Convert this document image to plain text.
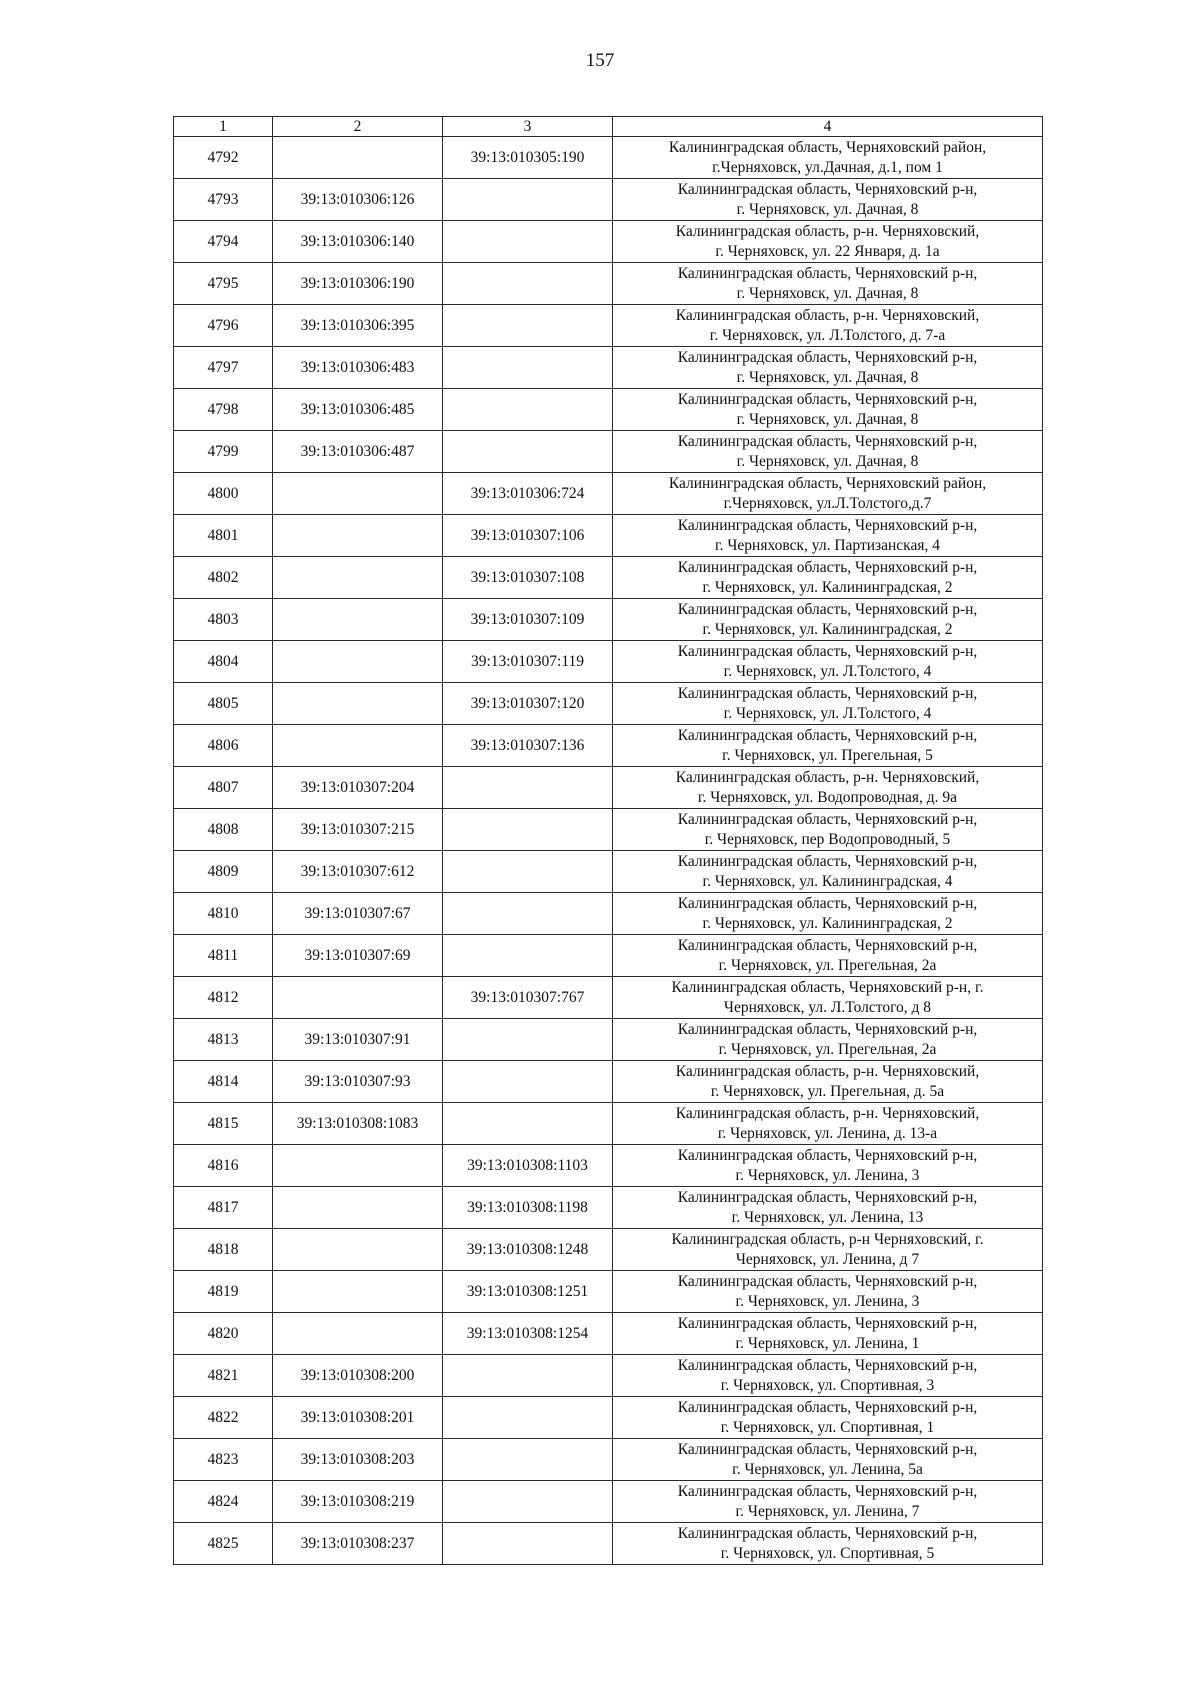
157
1	2	3	4
4792		39:13:010305:190	Калининградская область, Черняховский район,
г.Черняховск, ул.Дачная, д.1, пом 1

4793	39:13:010306:126		Калининградская область, Черняховский р-н,
г. Черняховск, ул. Дачная, 8

4794	39:13:010306:140		Калининградская область, р-н. Черняховский,
г. Черняховск, ул. 22 Января, д. 1а

4795	39:13:010306:190		Калининградская область, Черняховский р-н,
г. Черняховск, ул. Дачная, 8

4796	39:13:010306:395		Калининградская область, р-н. Черняховский,
г. Черняховск, ул. Л.Толстого, д. 7-а

4797	39:13:010306:483		Калининградская область, Черняховский р-н,
г. Черняховск, ул. Дачная, 8

4798	39:13:010306:485		Калининградская область, Черняховский р-н,
г. Черняховск, ул. Дачная, 8

4799	39:13:010306:487		Калининградская область, Черняховский р-н,
г. Черняховск, ул. Дачная, 8

4800		39:13:010306:724	Калининградская область, Черняховский район,
г.Черняховск, ул.Л.Толстого,д.7

4801		39:13:010307:106	Калининградская область, Черняховский р-н,
г. Черняховск, ул. Партизанская, 4

4802		39:13:010307:108	Калининградская область, Черняховский р-н,
г. Черняховск, ул. Калининградская, 2

4803		39:13:010307:109	Калининградская область, Черняховский р-н,
г. Черняховск, ул. Калининградская, 2

4804		39:13:010307:119	Калининградская область, Черняховский р-н,
г. Черняховск, ул. Л.Толстого, 4

4805		39:13:010307:120	Калининградская область, Черняховский р-н,
г. Черняховск, ул. Л.Толстого, 4

4806		39:13:010307:136	Калининградская область, Черняховский р-н,
г. Черняховск, ул. Прегельная, 5

4807	39:13:010307:204		Калининградская область, р-н. Черняховский,
г. Черняховск, ул. Водопроводная, д. 9а

4808	39:13:010307:215		Калининградская область, Черняховский р-н,
г. Черняховск, пер Водопроводный, 5

4809	39:13:010307:612		Калининградская область, Черняховский р-н,
г. Черняховск, ул. Калининградская, 4

4810	39:13:010307:67		Калининградская область, Черняховский р-н,
г. Черняховск, ул. Калининградская, 2

4811	39:13:010307:69		Калининградская область, Черняховский р-н,
г. Черняховск, ул. Прегельная, 2а

4812		39:13:010307:767	Калининградская область, Черняховский р-н, г.
Черняховск, ул. Л.Толстого, д 8

4813	39:13:010307:91		Калининградская область, Черняховский р-н,
г. Черняховск, ул. Прегельная, 2а

4814	39:13:010307:93		Калининградская область, р-н. Черняховский,
г. Черняховск, ул. Прегельная, д. 5а

4815	39:13:010308:1083		Калининградская область, р-н. Черняховский,
г. Черняховск, ул. Ленина, д. 13-а

4816		39:13:010308:1103	Калининградская область, Черняховский р-н,
г. Черняховск, ул. Ленина, 3

4817		39:13:010308:1198	Калининградская область, Черняховский р-н,
г. Черняховск, ул. Ленина, 13

4818		39:13:010308:1248	Калининградская область, р-н Черняховский, г.
Черняховск, ул. Ленина, д 7

4819		39:13:010308:1251	Калининградская область, Черняховский р-н,
г. Черняховск, ул. Ленина, 3

4820		39:13:010308:1254	Калининградская область, Черняховский р-н,
г. Черняховск, ул. Ленина, 1

4821	39:13:010308:200		Калининградская область, Черняховский р-н,
г. Черняховск, ул. Спортивная, 3

4822	39:13:010308:201		Калининградская область, Черняховский р-н,
г. Черняховск, ул. Спортивная, 1

4823	39:13:010308:203		Калининградская область, Черняховский р-н,
г. Черняховск, ул. Ленина, 5а

4824	39:13:010308:219		Калининградская область, Черняховский р-н,
г. Черняховск, ул. Ленина, 7

4825	39:13:010308:237		Калининградская область, Черняховский р-н,
г. Черняховск, ул. Спортивная, 5
